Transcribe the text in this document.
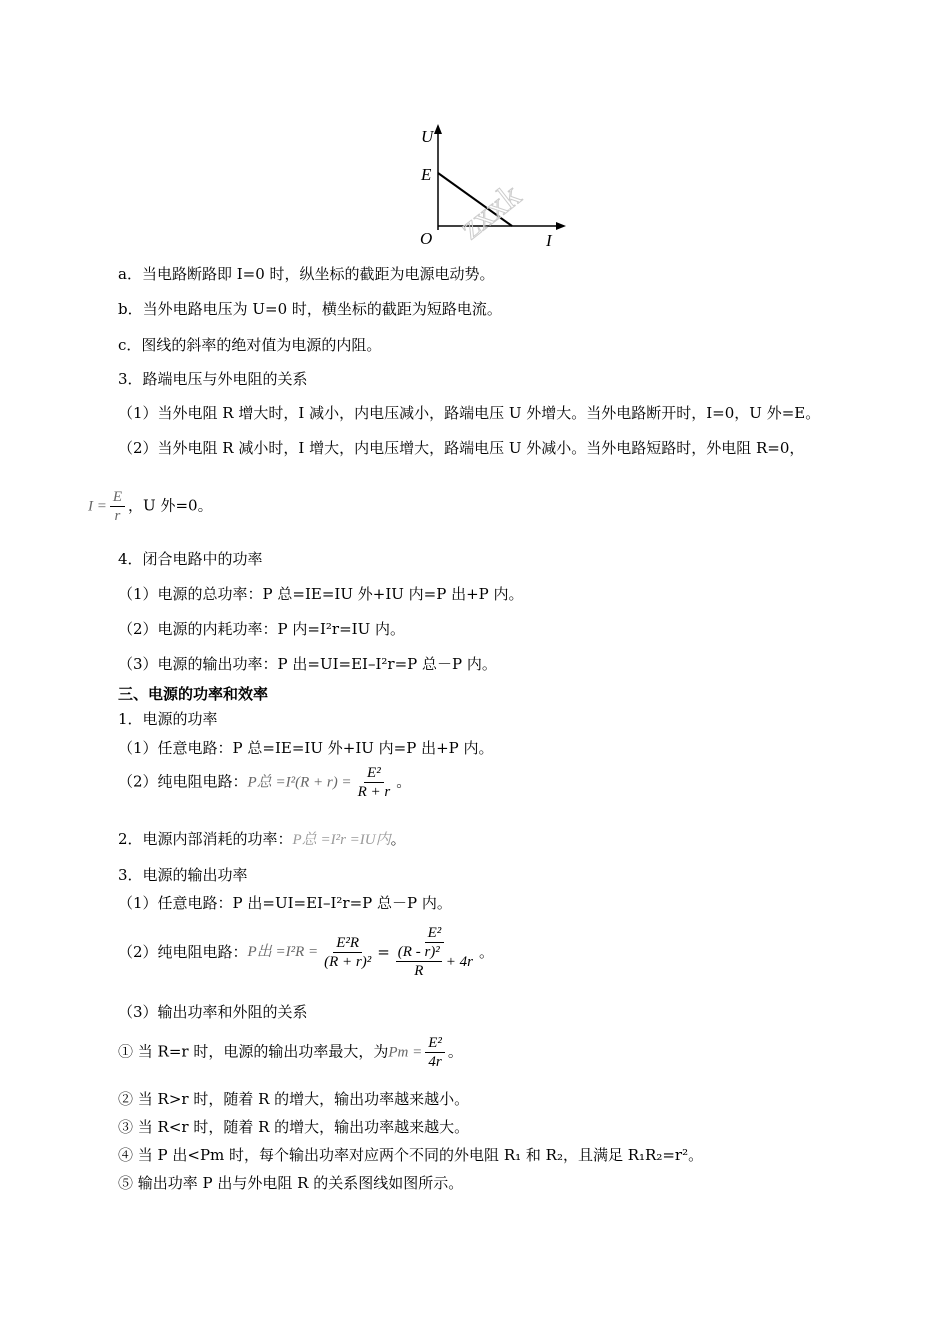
U
E
O	I
zxxk
a．当电路断路即 I=0 时，纵坐标的截距为电源电动势。
b．当外电路电压为 U=0 时，横坐标的截距为短路电流。
c．图线的斜率的绝对值为电源的内阻。
3．路端电压与外电阻的关系
（1）当外电阻 R 增大时，I 减小，内电压减小，路端电压 U 外增大。当外电路断开时，I=0，U 外=E。
（2）当外电阻 R 减小时，I 增大，内电压增大，路端电压 U 外减小。当外电路短路时，外电阻 R=0，
$I = \frac{E}{r}$ ，U 外=0。
4．闭合电路中的功率
（1）电源的总功率：P 总=IE=IU 外+IU 内=P 出+P 内。
（2）电源的内耗功率：P 内=I²r=IU 内。
（3）电源的输出功率：P 出=UI=EI–I²r=P 总－P 内。
三、电源的功率和效率
1．电源的功率
（1）任意电路：P 总=IE=IU 外+IU 内=P 出+P 内。
（2）纯电阻电路：P总 $=I^2(R + r) = \frac{\text{E²}}{R + r}$ 。
2．电源内部消耗的功率：P总 =I²r =IU内。
3．电源的输出功率
（1）任意电路：P 出=UI=EI–I²r=P 总－P 内。
（2）纯电阻电路：P出 $=I^2R = \frac{\text{E²R}}{\text{(R + r)²}} = E^2$
(R - r)²
R
+ 4r 。
（3）输出功率和外阻的关系
① 当 R=r 时，电源的输出功率最大，为$Pm = \frac{\text{E²}}{4r}$ 。
② 当 R>r 时，随着 R 的增大，输出功率越来越小。
③ 当 R<r 时，随着 R 的增大，输出功率越来越大。
④ 当 P 出<Pm 时，每个输出功率对应两个不同的外电阻 R₁ 和 R₂，且满足 R₁R₂=r²。
⑤ 输出功率 P 出与外电阻 R 的关系图线如图所示。
